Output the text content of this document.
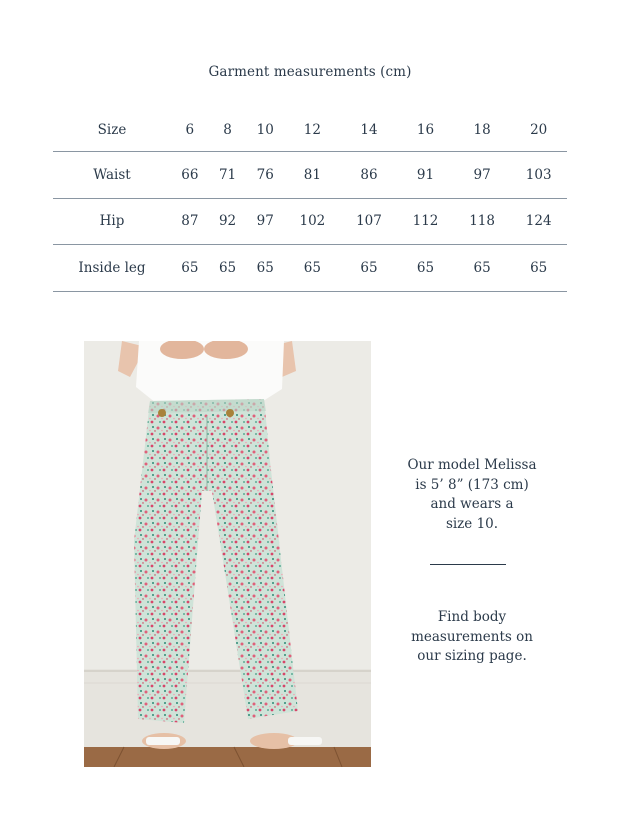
Garment measurements (cm)
Size	6	8	10	12	14	16	18	20
Waist	66	71	76	81	86	91	97	103
Hip	87	92	97	102	107	112	118	124
Inside leg	65	65	65	65	65	65	65	65
Our model Melissa
is 5’ 8” (173 cm)
and wears a
size 10.
Find body
measurements on
our sizing page.
